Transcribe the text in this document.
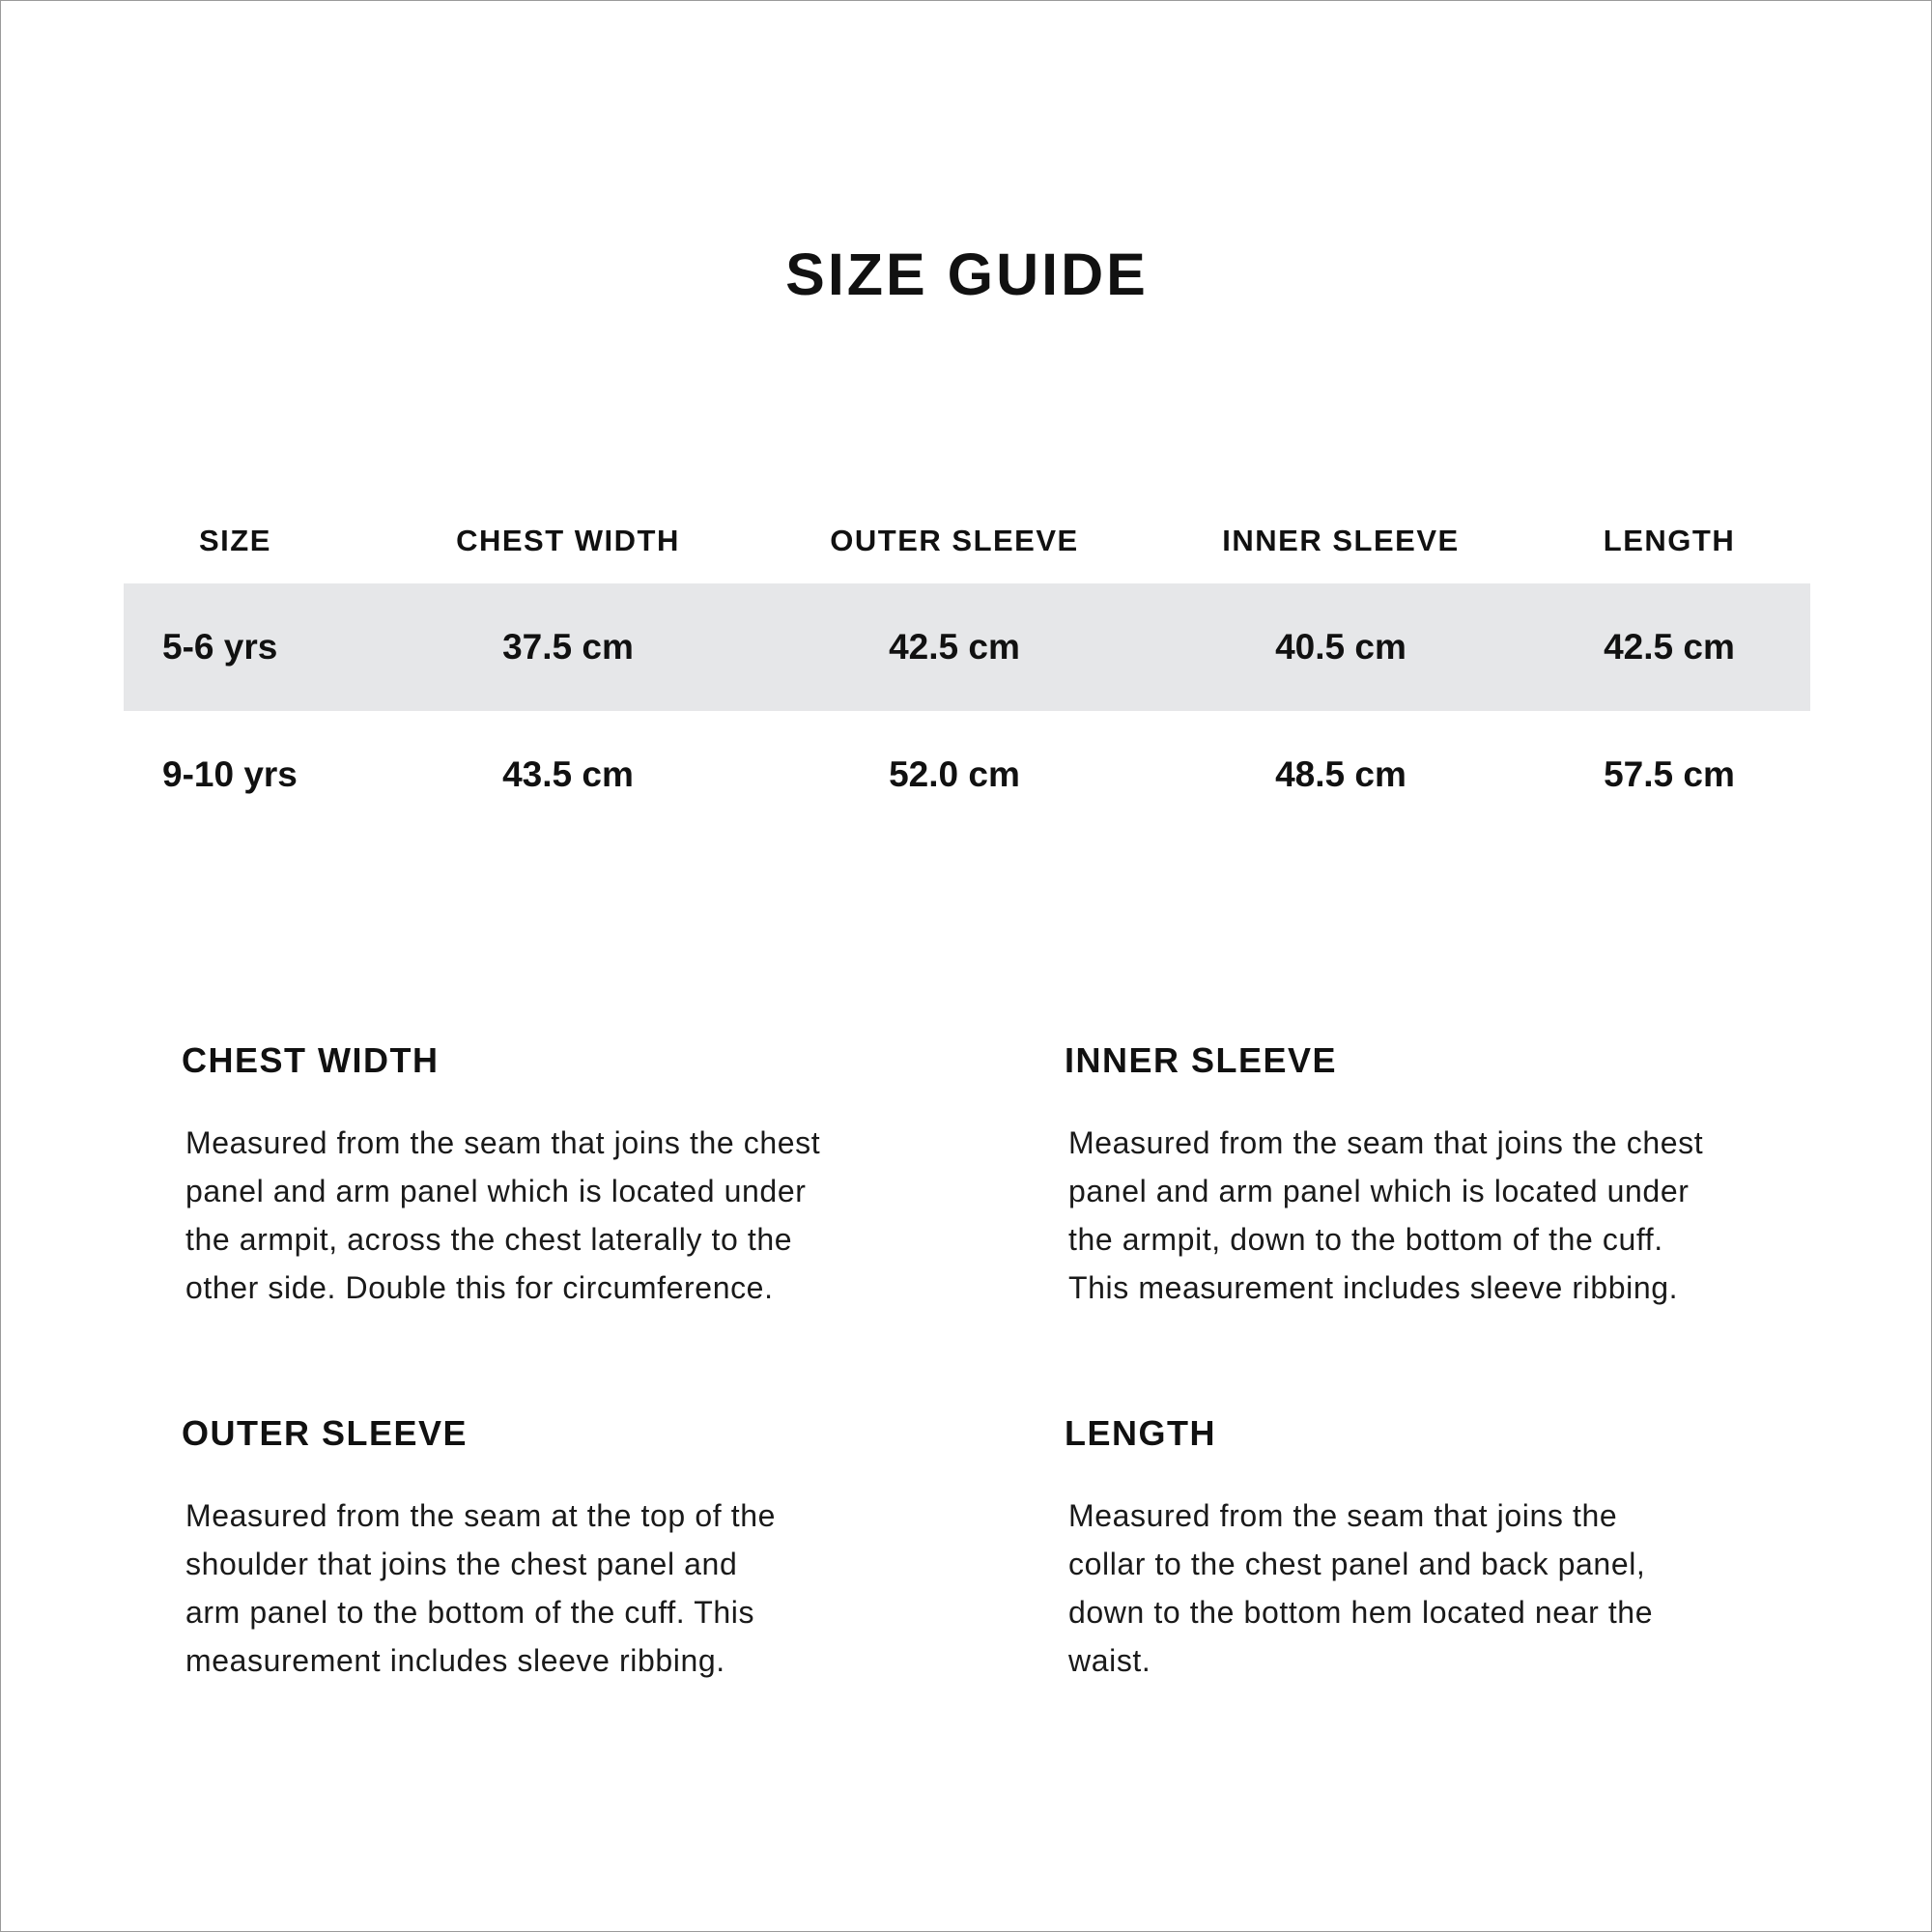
SIZE GUIDE
SIZE	CHEST WIDTH	OUTER SLEEVE	INNER SLEEVE	LENGTH
5-6 yrs	37.5 cm	42.5 cm	40.5 cm	42.5 cm
9-10 yrs	43.5 cm	52.0 cm	48.5 cm	57.5 cm
CHEST WIDTH
Measured from the seam that joins the chest
panel and arm panel which is located under
the armpit, across the chest laterally to the
other side. Double this for circumference.
INNER SLEEVE
Measured from the seam that joins the chest
panel and arm panel which is located under
the armpit, down to the bottom of the cuff.
This measurement includes sleeve ribbing.
OUTER SLEEVE
Measured from the seam at the top of the
shoulder that joins the chest panel and
arm panel to the bottom of the cuff. This
measurement includes sleeve ribbing.
LENGTH
Measured from the seam that joins the
collar to the chest panel and back panel,
down to the bottom hem located near the
waist.
